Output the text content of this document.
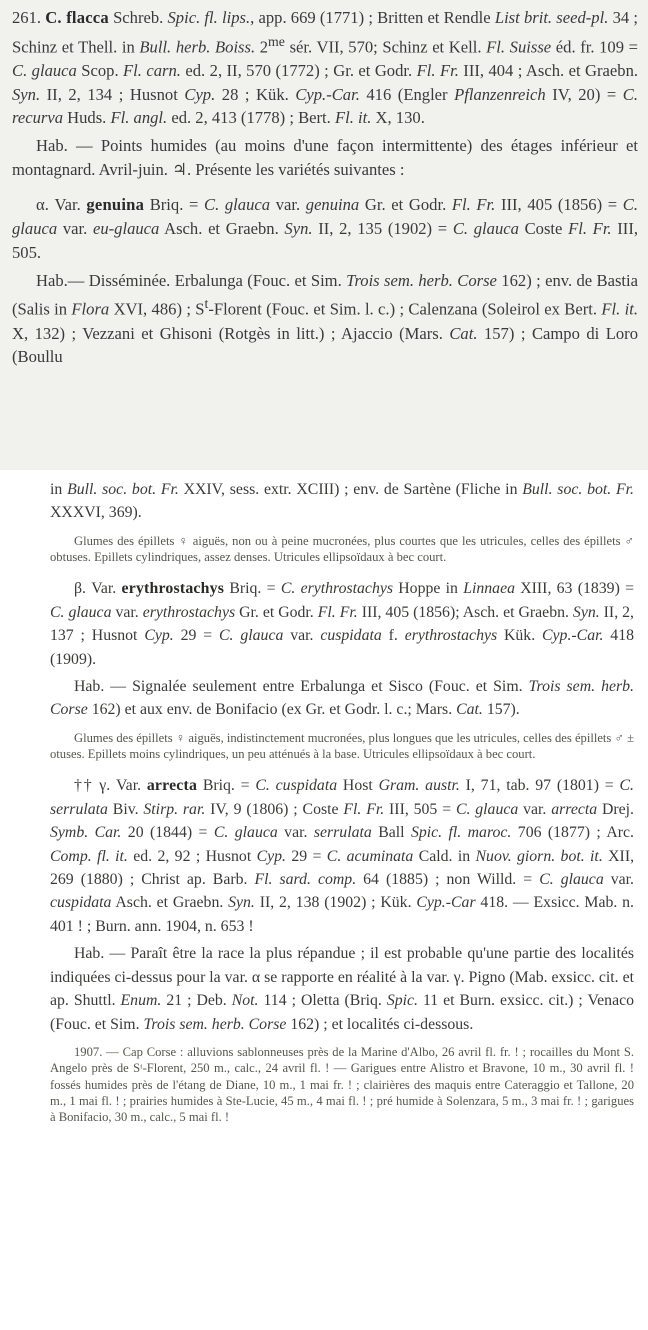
261. C. flacca Schreb. Spic. fl. lips., app. 669 (1771) ; Britten et Rendle List brit. seed-pl. 34 ; Schinz et Thell. in Bull. herb. Boiss. $2^{me}$ sér. VII, 570; Schinz et Kell. Fl. Suisse éd. fr. 109 = C. glauca Scop. Fl. carn. ed. 2, II, 570 (1772) ; Gr. et Godr. Fl. Fr. III, 404 ; Asch. et Graebn. Syn. II, 2, 134 ; Husnot Cyp. 28 ; Kük. Cyp.-Car. 416 (Engler Pflanzenreich IV, 20) = C. recurva Huds. Fl. angl. ed. 2, 413 (1778) ; Bert. Fl. it. X, 130.

Hab. — Points humides (au moins d'une façon intermittente) des étages inférieur et montagnard. Avril-juin. ♃. Présente les variétés suivantes :

α. Var. genuina Briq. = C. glauca var. genuina Gr. et Godr. Fl. Fr. III, 405 (1856) = C. glauca var. eu-glauca Asch. et Graebn. Syn. II, 2, 135 (1902) = C. glauca Coste Fl. Fr. III, 505.

Hab.— Disséminée. Erbalunga (Fouc. et Sim. Trois sem. herb. Corse 162) ; env. de Bastia (Salis in Flora XVI, 486) ; $S^t$-Florent (Fouc. et Sim. l. c.) ; Calenzana (Soleirol ex Bert. Fl. it. X, 132) ; Vezzani et Ghisoni (Rotgès in litt.) ; Ajaccio (Mars. Cat. 157) ; Campo di Loro (Boullu

in Bull. soc. bot. Fr. XXIV, sess. extr. XCIII) ; env. de Sartène (Fliche in Bull. soc. bot. Fr. XXXVI, 369).

Glumes des épillets ♀ aiguës, non ou à peine mucronées, plus courtes que les utricules, celles des épillets ♂ obtuses. Epillets cylindriques, assez denses. Utricules ellipsoïdaux à bec court.

β. Var. erythrostachys Briq. = C. erythrostachys Hoppe in Linnaea XIII, 63 (1839) = C. glauca var. erythrostachys Gr. et Godr. Fl. Fr. III, 405 (1856); Asch. et Graebn. Syn. II, 2, 137 ; Husnot Cyp. 29 = C. glauca var. cuspidata f. erythrostachys Kük. Cyp.-Car. 418 (1909).

Hab. — Signalée seulement entre Erbalunga et Sisco (Fouc. et Sim. Trois sem. herb. Corse 162) et aux env. de Bonifacio (ex Gr. et Godr. l. c.; Mars. Cat. 157).

Glumes des épillets ♀ aiguës, indistinctement mucronées, plus longues que les utricules, celles des épillets ♂ ± otuses. Epillets moins cylindriques, un peu atténués à la base. Utricules ellipsoïdaux à bec court.

†† γ. Var. arrecta Briq. = C. cuspidata Host Gram. austr. I, 71, tab. 97 (1801) = C. serrulata Biv. Stirp. rar. IV, 9 (1806) ; Coste Fl. Fr. III, 505 = C. glauca var. arrecta Drej. Symb. Car. 20 (1844) = C. glauca var. serrulata Ball Spic. fl. maroc. 706 (1877) ; Arc. Comp. fl. it. ed. 2, 92 ; Husnot Cyp. 29 = C. acuminata Cald. in Nuov. giorn. bot. it. XII, 269 (1880) ; Christ ap. Barb. Fl. sard. comp. 64 (1885) ; non Willd. = C. glauca var. cuspidata Asch. et Graebn. Syn. II, 2, 138 (1902) ; Kük. Cyp.-Car 418. — Exsicc. Mab. n. 401 ! ; Burn. ann. 1904, n. 653 !

Hab. — Paraît être la race la plus répandue ; il est probable qu'une partie des localités indiquées ci-dessus pour la var. α se rapporte en réalité à la var. γ. Pigno (Mab. exsicc. cit. et ap. Shuttl. Enum. 21 ; Deb. Not. 114 ; Oletta (Briq. Spic. 11 et Burn. exsicc. cit.) ; Venaco (Fouc. et Sim. Trois sem. herb. Corse 162) ; et localités ci-dessous.

1907. — Cap Corse : alluvions sablonneuses près de la Marine d'Albo, 26 avril fl. fr. ! ; rocailles du Mont S. Angelo près de Sᵗ-Florent, 250 m., calc., 24 avril fl. ! — Garigues entre Alistro et Bravone, 10 m., 30 avril fl. ! fossés humides près de l'étang de Diane, 10 m., 1 mai fr. ! ; clairières des maquis entre Cateraggio et Tallone, 20 m., 1 mai fl. ! ; prairies humides à Ste-Lucie, 45 m., 4 mai fl. ! ; pré humide à Solenzara, 5 m., 3 mai fr. ! ; garigues à Bonifacio, 30 m., calc., 5 mai fl. !
